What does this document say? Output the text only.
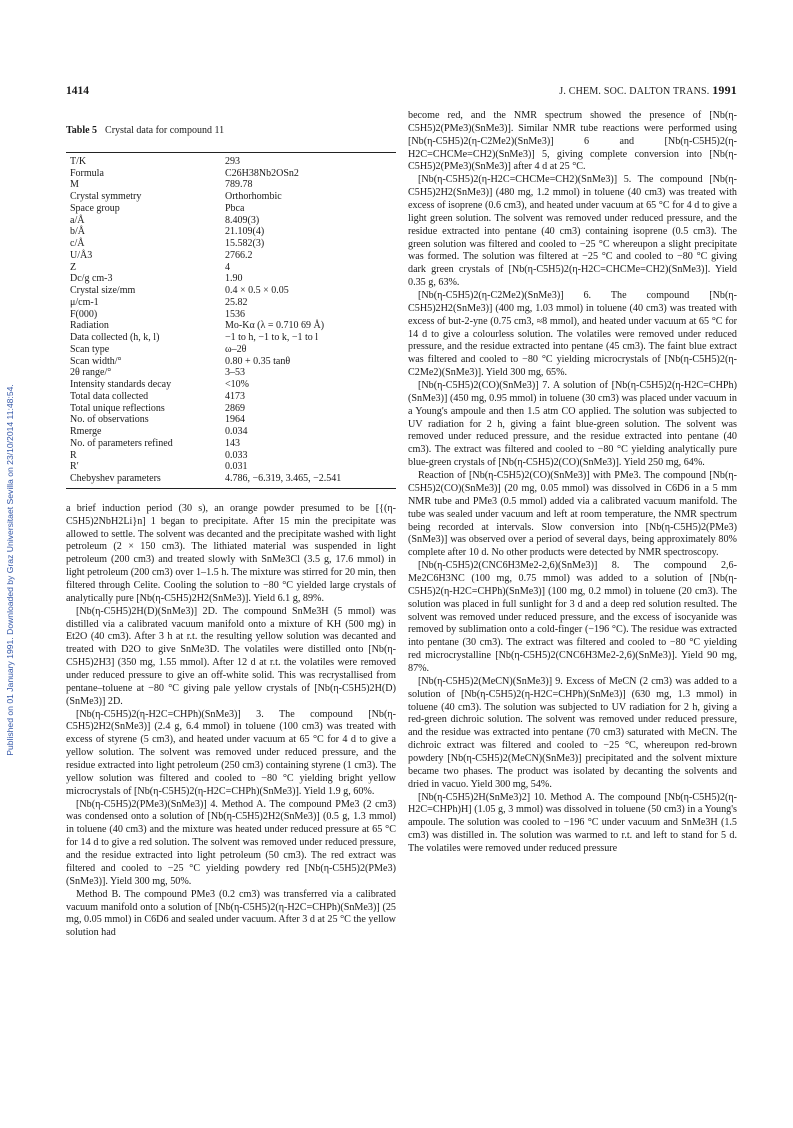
Published on 01 January 1991. Downloaded by Graz Universitaet Sevilla on 23/10/2014 11:48:54.
1414	J. CHEM. SOC. DALTON TRANS. 1991
Table 5 Crystal data for compound 11
T/K	293
Formula	C26H38Nb2OSn2
M	789.78
Crystal symmetry	Orthorhombic
Space group	Pbca
a/Å	8.409(3)
b/Å	21.109(4)
c/Å	15.582(3)
U/Å3	2766.2
Z	4
Dc/g cm-3	1.90
Crystal size/mm	0.4 × 0.5 × 0.05
μ/cm-1	25.82
F(000)	1536
Radiation	Mo-Kα (λ = 0.710 69 Å)
Data collected (h, k, l)	−1 to h, −1 to k, −1 to l
Scan type	ω–2θ
Scan width/°	0.80 + 0.35 tanθ
2θ range/°	3–53
Intensity standards decay	<10%
Total data collected	4173
Total unique reflections	2869
No. of observations	1964
Rmerge	0.034
No. of parameters refined	143
R	0.033
R′	0.031
Chebyshev parameters	4.786, −6.319, 3.465, −2.541

a brief induction period (30 s), an orange powder presumed to be [{(η-C5H5)2NbH2Li}n] 1 began to precipitate. After 15 min the precipitate was allowed to settle. The solvent was decanted and the precipitate washed with light petroleum (2 × 150 cm3). The lithiated material was suspended in light petroleum (200 cm3) and treated slowly with SnMe3Cl (3.5 g, 17.6 mmol) in light petroleum (200 cm3) over 1–1.5 h. The mixture was stirred for 20 min, then filtered through Celite. Cooling the solution to −80 °C yielded large crystals of analytically pure [Nb(η-C5H5)2H2(SnMe3)]. Yield 6.1 g, 89%.

[Nb(η-C5H5)2H(D)(SnMe3)] 2D. The compound SnMe3H (5 mmol) was distilled via a calibrated vacuum manifold onto a mixture of KH (500 mg) in Et2O (40 cm3). After 3 h at r.t. the resulting yellow solution was decanted and treated with D2O to give SnMe3D. The volatiles were distilled onto [Nb(η-C5H5)2H3] (350 mg, 1.55 mmol). After 12 d at r.t. the volatiles were removed under reduced pressure to give an off-white solid. This was recrystallised from pentane–toluene at −80 °C giving pale yellow crystals of [Nb(η-C5H5)2H(D)(SnMe3)] 2D.

[Nb(η-C5H5)2(η-H2C=CHPh)(SnMe3)] 3. The compound [Nb(η-C5H5)2H2(SnMe3)] (2.4 g, 6.4 mmol) in toluene (100 cm3) was treated with excess of styrene (5 cm3), and heated under vacuum at 65 °C for 4 d to give a yellow solution. The solvent was removed under reduced pressure, and the residue extracted into light petroleum (250 cm3) containing styrene (1 cm3). The yellow solution was filtered and cooled to −80 °C yielding bright yellow microcrystals of [Nb(η-C5H5)2(η-H2C=CHPh)(SnMe3)]. Yield 1.9 g, 60%.

[Nb(η-C5H5)2(PMe3)(SnMe3)] 4. Method A. The compound PMe3 (2 cm3) was condensed onto a solution of [Nb(η-C5H5)2H2(SnMe3)] (0.5 g, 1.3 mmol) in toluene (40 cm3) and the mixture was heated under reduced pressure at 65 °C for 14 d to give a red solution. The solvent was removed under reduced pressure, and the residue extracted into light petroleum (50 cm3). The red extract was filtered and cooled to −25 °C yielding powdery red [Nb(η-C5H5)2(PMe3)(SnMe3)]. Yield 300 mg, 50%.

Method B. The compound PMe3 (0.2 cm3) was transferred via a calibrated vacuum manifold onto a solution of [Nb(η-C5H5)2(η-H2C=CHPh)(SnMe3)] (25 mg, 0.05 mmol) in C6D6 and sealed under vacuum. After 3 d at 25 °C the yellow solution had

become red, and the NMR spectrum showed the presence of [Nb(η-C5H5)2(PMe3)(SnMe3)]. Similar NMR tube reactions were performed using [Nb(η-C5H5)2(η-C2Me2)(SnMe3)] 6 and [Nb(η-C5H5)2(η-H2C=CHCMe=CH2)(SnMe3)] 5, giving complete conversion into [Nb(η-C5H5)2(PMe3)(SnMe3)] after 4 d at 25 °C.

[Nb(η-C5H5)2(η-H2C=CHCMe=CH2)(SnMe3)] 5. The compound [Nb(η-C5H5)2H2(SnMe3)] (480 mg, 1.2 mmol) in toluene (40 cm3) was treated with excess of isoprene (0.6 cm3), and heated under vacuum at 65 °C for 4 d to give a light green solution. The solvent was removed under reduced pressure, and the residue extracted into pentane (40 cm3) containing isoprene (0.5 cm3). The green solution was filtered and cooled to −25 °C whereupon a slight precipitate was formed. The solution was filtered at −25 °C and cooled to −80 °C giving dark green crystals of [Nb(η-C5H5)2(η-H2C=CHCMe=CH2)(SnMe3)]. Yield 0.35 g, 63%.

[Nb(η-C5H5)2(η-C2Me2)(SnMe3)] 6. The compound [Nb(η-C5H5)2H2(SnMe3)] (400 mg, 1.03 mmol) in toluene (40 cm3) was treated with excess of but-2-yne (0.75 cm3, ≈8 mmol), and heated under vacuum at 65 °C for 14 d to give a colourless solution. The volatiles were removed under reduced pressure, and the residue extracted into pentane (45 cm3). The faint blue extract was filtered and cooled to −80 °C yielding microcrystals of [Nb(η-C5H5)2(η-C2Me2)(SnMe3)]. Yield 300 mg, 65%.

[Nb(η-C5H5)2(CO)(SnMe3)] 7. A solution of [Nb(η-C5H5)2(η-H2C=CHPh)(SnMe3)] (450 mg, 0.95 mmol) in toluene (30 cm3) was placed under vacuum in a Young's ampoule and then 1.5 atm CO applied. The solution was subjected to UV radiation for 2 h, giving a faint blue-green solution. The solvent was removed under reduced pressure, and the residue extracted into pentane (40 cm3). The extract was filtered and cooled to −80 °C yielding analytically pure blue-green crystals of [Nb(η-C5H5)2(CO)(SnMe3)]. Yield 250 mg, 64%.

Reaction of [Nb(η-C5H5)2(CO)(SnMe3)] with PMe3. The compound [Nb(η-C5H5)2(CO)(SnMe3)] (20 mg, 0.05 mmol) was dissolved in C6D6 in a 5 mm NMR tube and PMe3 (0.5 mmol) added via a calibrated vacuum manifold. The tube was sealed under vacuum and left at room temperature, the NMR spectrum being recorded at intervals. Slow conversion into [Nb(η-C5H5)2(PMe3)(SnMe3)] was observed over a period of several days, being approximately 80% complete after 10 d. No other products were detected by NMR spectroscopy.

[Nb(η-C5H5)2(CNC6H3Me2-2,6)(SnMe3)] 8. The compound 2,6-Me2C6H3NC (100 mg, 0.75 mmol) was added to a solution of [Nb(η-C5H5)2(η-H2C=CHPh)(SnMe3)] (100 mg, 0.2 mmol) in toluene (20 cm3). The solution was placed in full sunlight for 3 d and a deep red solution resulted. The solvent was removed under reduced pressure, and the excess of isocyanide was removed by sublimation onto a cold-finger (−196 °C). The residue was extracted into pentane (30 cm3). The extract was filtered and cooled to −80 °C yielding red microcrystalline [Nb(η-C5H5)2(CNC6H3Me2-2,6)(SnMe3)]. Yield 90 mg, 87%.

[Nb(η-C5H5)2(MeCN)(SnMe3)] 9. Excess of MeCN (2 cm3) was added to a solution of [Nb(η-C5H5)2(η-H2C=CHPh)(SnMe3)] (630 mg, 1.3 mmol) in toluene (40 cm3). The solution was subjected to UV radiation for 2 h, giving a red-green dichroic solution. The solvent was removed under reduced pressure, and the residue was extracted into pentane (70 cm3) saturated with MeCN. The dichroic extract was filtered and cooled to −25 °C, whereupon red-brown powdery [Nb(η-C5H5)2(MeCN)(SnMe3)] precipitated and the solvent mixture became two phases. The product was isolated by decanting the solvents and dried in vacuo. Yield 300 mg, 54%.

[Nb(η-C5H5)2H(SnMe3)2] 10. Method A. The compound [Nb(η-C5H5)2(η-H2C=CHPh)H] (1.05 g, 3 mmol) was dissolved in toluene (50 cm3) in a Young's ampoule. The solution was cooled to −196 °C under vacuum and SnMe3H (1.5 cm3) was distilled in. The solution was warmed to r.t. and left to stand for 5 d. The volatiles were removed under reduced pressure
